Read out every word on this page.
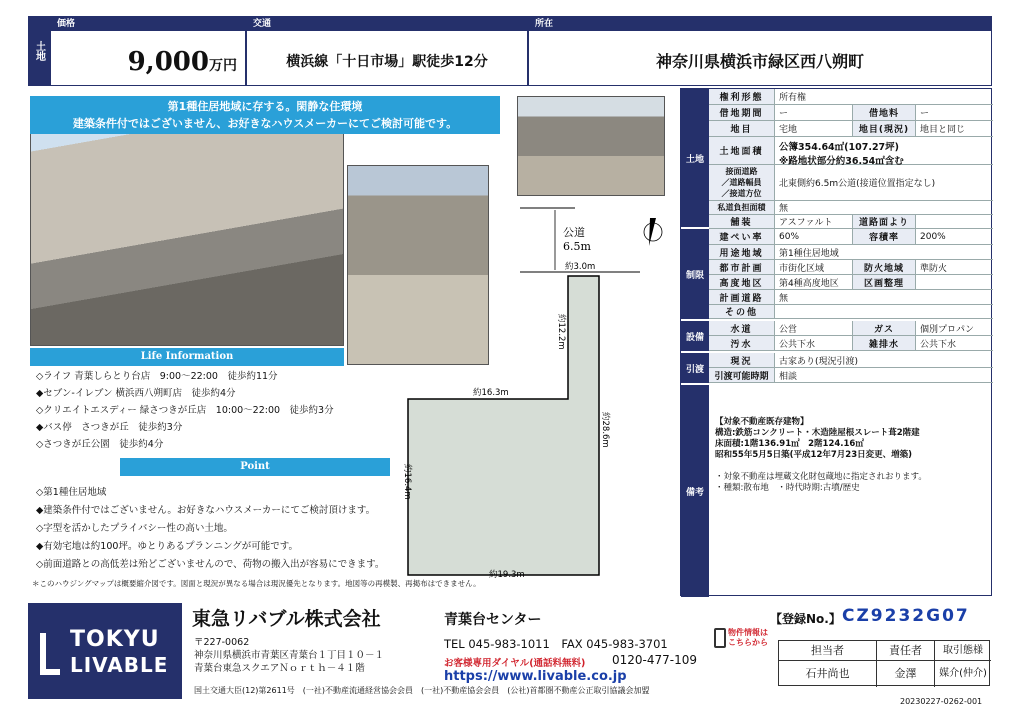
土地
価格
9,000万円
交通
横浜線「十日市場」駅徒歩12分
所在
神奈川県横浜市緑区西八朔町
第1種住居地域に存する。閑静な住環境
建築条件付ではございません、お好きなハウスメーカーにてご検討可能です。
Life Information
◇ライフ 青葉しらとり台店　9:00～22:00　徒歩約11分
◆セブン-イレブン 横浜西八朔町店　徒歩約4分
◇クリエイトエスディー 緑さつきが丘店　10:00～22:00　徒歩約3分
◆バス停　さつきが丘　徒歩約3分
◇さつきが丘公園　徒歩約4分
Point
◇第1種住居地域
◆建築条件付ではございません。お好きなハウスメーカーにてご検討頂けます。
◇字型を活かしたプライバシー性の高い土地。
◆有効宅地は約100坪。ゆとりあるプランニングが可能です。
◇前面道路との高低差は殆どございませんので、荷物の搬入出が容易にできます。
＊このハウジングマップは概要縮介図です。図面と現況が異なる場合は現況優先となります。地図等の再模製、再掲布はできません。
公道
6.5m
約3.0m
約12.2m
約16.3m
約28.6m
約16.4m
約19.3m
土地
権利形態	所有権
借地期間	ー	借地料	ー
地目	宅地	地目(現況)	地目と同じ
土地面積	公簿354.64㎡(107.27坪)
※路地状部分約36.54㎡含む
接面道路
／道路幅員
／接道方位
北東側約6.5m公道(接道位置指定なし)
私道負担面積	無
舗装	アスファルト	道路面より
制限
建ぺい率	60%	容積率	200%
用途地域	第1種住居地域
都市計画	市街化区域	防火地域	準防火
高度地区	第4種高度地区	区画整理
計画道路	無
その他
設備
水道	公営	ガス	個別プロパン
汚水	公共下水	雑排水	公共下水
引渡
現況	古家あり(現況引渡)
引渡可能時期	相談
備考
【対象不動産既存建物】
構造:鉄筋コンクリート・木造陸屋根スレート葺2階建
床面積:1階136.91㎡　2階124.16㎡
昭和55年5月5日築(平成12年7月23日変更、増築)
・対象不動産は埋蔵文化財包蔵地に指定されおります。
・種類:散布地　・時代時期:古墳/歴史
TOKYU
LIVABLE
東急リバブル株式会社	青葉台センター
〒227-0062
神奈川県横浜市青葉区青葉台１丁目１０－１
青葉台東急スクエアＮｏｒｔｈ－４１階
TEL 045-983-1011　FAX 045-983-3701
お客様専用ダイヤル(通話料無料) 0120-477-109
https://www.livable.co.jp
物件情報は
こちらから
【登録No.】 CZ9232G07
担当者	責任者	取引態様
石井尚也	金澤	媒介(仲介)
国土交通大臣(12)第2611号　(一社)不動産流通経営協会会員　(一社)不動産協会会員　(公社)首都圏不動産公正取引協議会加盟
20230227-0262-001
